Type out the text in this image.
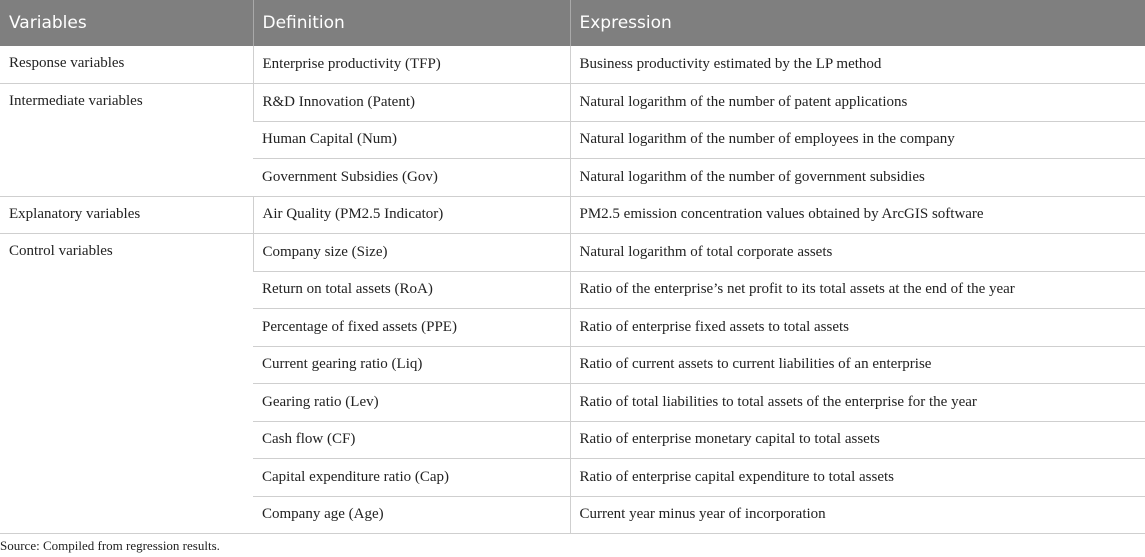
Variables	Definition	Expression
Response variables	Enterprise productivity (TFP)	Business productivity estimated by the LP method
Intermediate variables	R&D Innovation (Patent)	Natural logarithm of the number of patent applications
	Human Capital (Num)	Natural logarithm of the number of employees in the company
	Government Subsidies (Gov)	Natural logarithm of the number of government subsidies
Explanatory variables	Air Quality (PM2.5 Indicator)	PM2.5 emission concentration values obtained by ArcGIS software
Control variables	Company size (Size)	Natural logarithm of total corporate assets
	Return on total assets (RoA)	Ratio of the enterprise’s net profit to its total assets at the end of the year
	Percentage of fixed assets (PPE)	Ratio of enterprise fixed assets to total assets
	Current gearing ratio (Liq)	Ratio of current assets to current liabilities of an enterprise
	Gearing ratio (Lev)	Ratio of total liabilities to total assets of the enterprise for the year
	Cash flow (CF)	Ratio of enterprise monetary capital to total assets
	Capital expenditure ratio (Cap)	Ratio of enterprise capital expenditure to total assets
	Company age (Age)	Current year minus year of incorporation
Source: Compiled from regression results.
